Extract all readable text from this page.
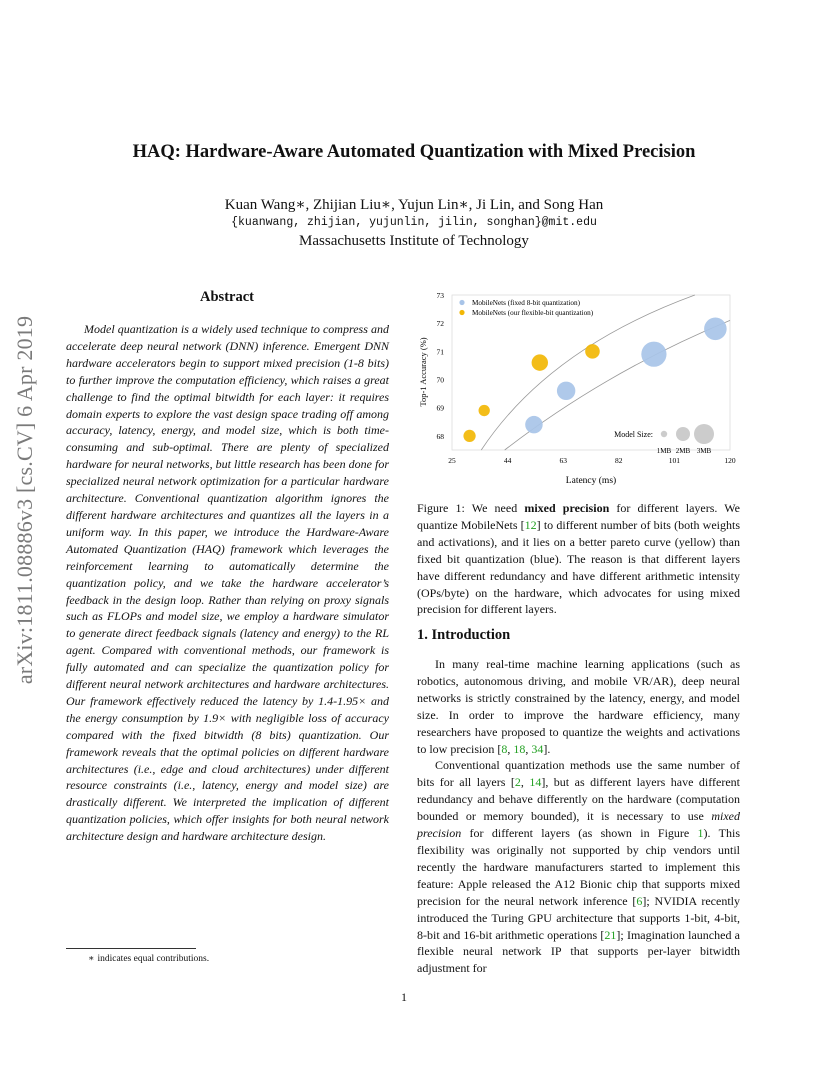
HAQ: Hardware-Aware Automated Quantization with Mixed Precision
Kuan Wang∗, Zhijian Liu∗, Yujun Lin∗, Ji Lin, and Song Han
{kuanwang, zhijian, yujunlin, jilin, songhan}@mit.edu
Massachusetts Institute of Technology
arXiv:1811.08886v3 [cs.CV] 6 Apr 2019
Abstract

Model quantization is a widely used technique to compress and accelerate deep neural network (DNN) inference. Emergent DNN hardware accelerators begin to support mixed precision (1-8 bits) to further improve the computation efficiency, which raises a great challenge to find the optimal bitwidth for each layer: it requires domain experts to explore the vast design space trading off among accuracy, latency, energy, and model size, which is both time-consuming and sub-optimal. There are plenty of specialized hardware for neural networks, but little research has been done for specialized neural network optimization for a particular hardware architecture. Conventional quantization algorithm ignores the different hardware architectures and quantizes all the layers in a uniform way. In this paper, we introduce the Hardware-Aware Automated Quantization (HAQ) framework which leverages the reinforcement learning to automatically determine the quantization policy, and we take the hardware accelerator’s feedback in the design loop. Rather than relying on proxy signals such as FLOPs and model size, we employ a hardware simulator to generate direct feedback signals (latency and energy) to the RL agent. Compared with conventional methods, our framework is fully automated and can specialize the quantization policy for different neural network architectures and hardware architectures. Our framework effectively reduced the latency by 1.4-1.95× and the energy consumption by 1.9× with negligible loss of accuracy compared with the fixed bitwidth (8 bits) quantization. Our framework reveals that the optimal policies on different hardware architectures (i.e., edge and cloud architectures) under different resource constraints (i.e., latency, energy and model size) are drastically different. We interpreted the implication of different quantization policies, which offer insights for both neural network architecture design and hardware architecture design.

∗ indicates equal contributions.
25	44	63	82	101	120
68
69
70
71
72
73
MobileNets (fixed 8-bit quantization)
MobileNets (our flexible-bit quantization)
Model Size:
1MB 2MB 3MB
Top-1 Accuracy (%)
Latency (ms)
Figure 1: We need mixed precision for different layers. We quantize MobileNets [12] to different number of bits (both weights and activations), and it lies on a better pareto curve (yellow) than fixed bit quantization (blue). The reason is that different layers have different redundancy and have different arithmetic intensity (OPs/byte) on the hardware, which advocates for using mixed precision for different layers.
1. Introduction

In many real-time machine learning applications (such as robotics, autonomous driving, and mobile VR/AR), deep neural networks is strictly constrained by the latency, energy, and model size. In order to improve the hardware efficiency, many researchers have proposed to quantize the weights and activations to low precision [8, 18, 34].

Conventional quantization methods use the same number of bits for all layers [2, 14], but as different layers have different redundancy and behave differently on the hardware (computation bounded or memory bounded), it is necessary to use mixed precision for different layers (as shown in Figure 1). This flexibility was originally not supported by chip vendors until recently the hardware manufacturers started to implement this feature: Apple released the A12 Bionic chip that supports mixed precision for the neural network inference [6]; NVIDIA recently introduced the Turing GPU architecture that supports 1-bit, 4-bit, 8-bit and 16-bit arithmetic operations [21]; Imagination launched a flexible neural network IP that supports per-layer bitwidth adjustment for

1
